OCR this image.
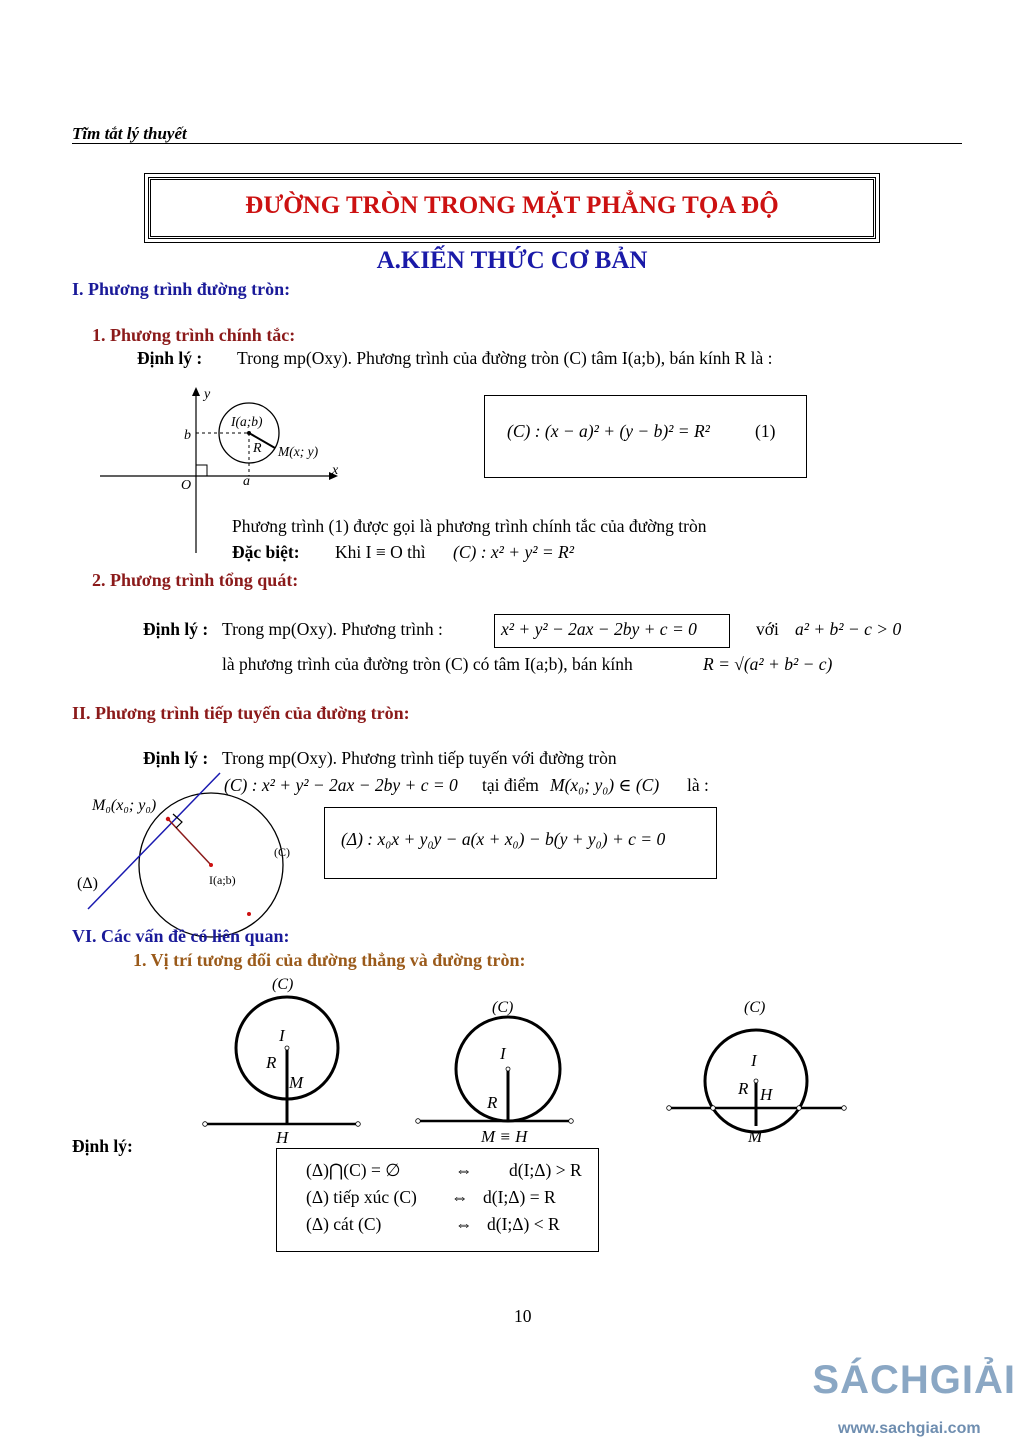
Tĩm tắt lý thuyết
ĐƯỜNG TRÒN TRONG MẶT PHẲNG TỌA ĐỘ
A.KIẾN THỨC CƠ BẢN
I. Phương trình đường tròn:
1. Phương trình chính tắc:
Định lý : Trong mp(Oxy). Phương trình của đường tròn (C) tâm I(a;b), bán kính R là :
y
x
O	a
b
I(a;b)
R M(x; y)
(C) : (x − a)² + (y − b)² = R²	(1)
Phương trình (1) được gọi là phương trình chính tắc của đường tròn
Đặc biệt: Khi I ≡ O thì (C) : x² + y² = R²
2. Phương trình tổng quát:
Định lý : Trong mp(Oxy). Phương trình :	x² + y² − 2ax − 2by + c = 0	với a² + b² − c > 0
là phương trình của đường tròn (C) có tâm I(a;b), bán kính	R = √(a² + b² − c)
II. Phương trình tiếp tuyến của đường tròn:
Định lý : Trong mp(Oxy). Phương trình tiếp tuyến với đường tròn
(C) : x² + y² − 2ax − 2by + c = 0 tại điểm M(x₀; y₀) ∈ (C) là :
M₀(x₀; y₀)
(C)
I(a;b)
(Δ)
(Δ) : x₀x + y₀y − a(x + x₀) − b(y + y₀) + c = 0
VI. Các vấn đề có liên quan:
1. Vị trí tương đối của đường thẳng và đường tròn:
(C)
I
R
M
H
(C)
I
R
M ≡ H
(C)
I
R H
M
Định lý:
(Δ)⋂(C) = ∅	⇔ d(I;Δ) > R
(Δ) tiếp xúc (C) ⇔ d(I;Δ) = R
(Δ) cát (C)	⇔ d(I;Δ) < R
10
SÁCHGIẢI
www.sachgiai.com
